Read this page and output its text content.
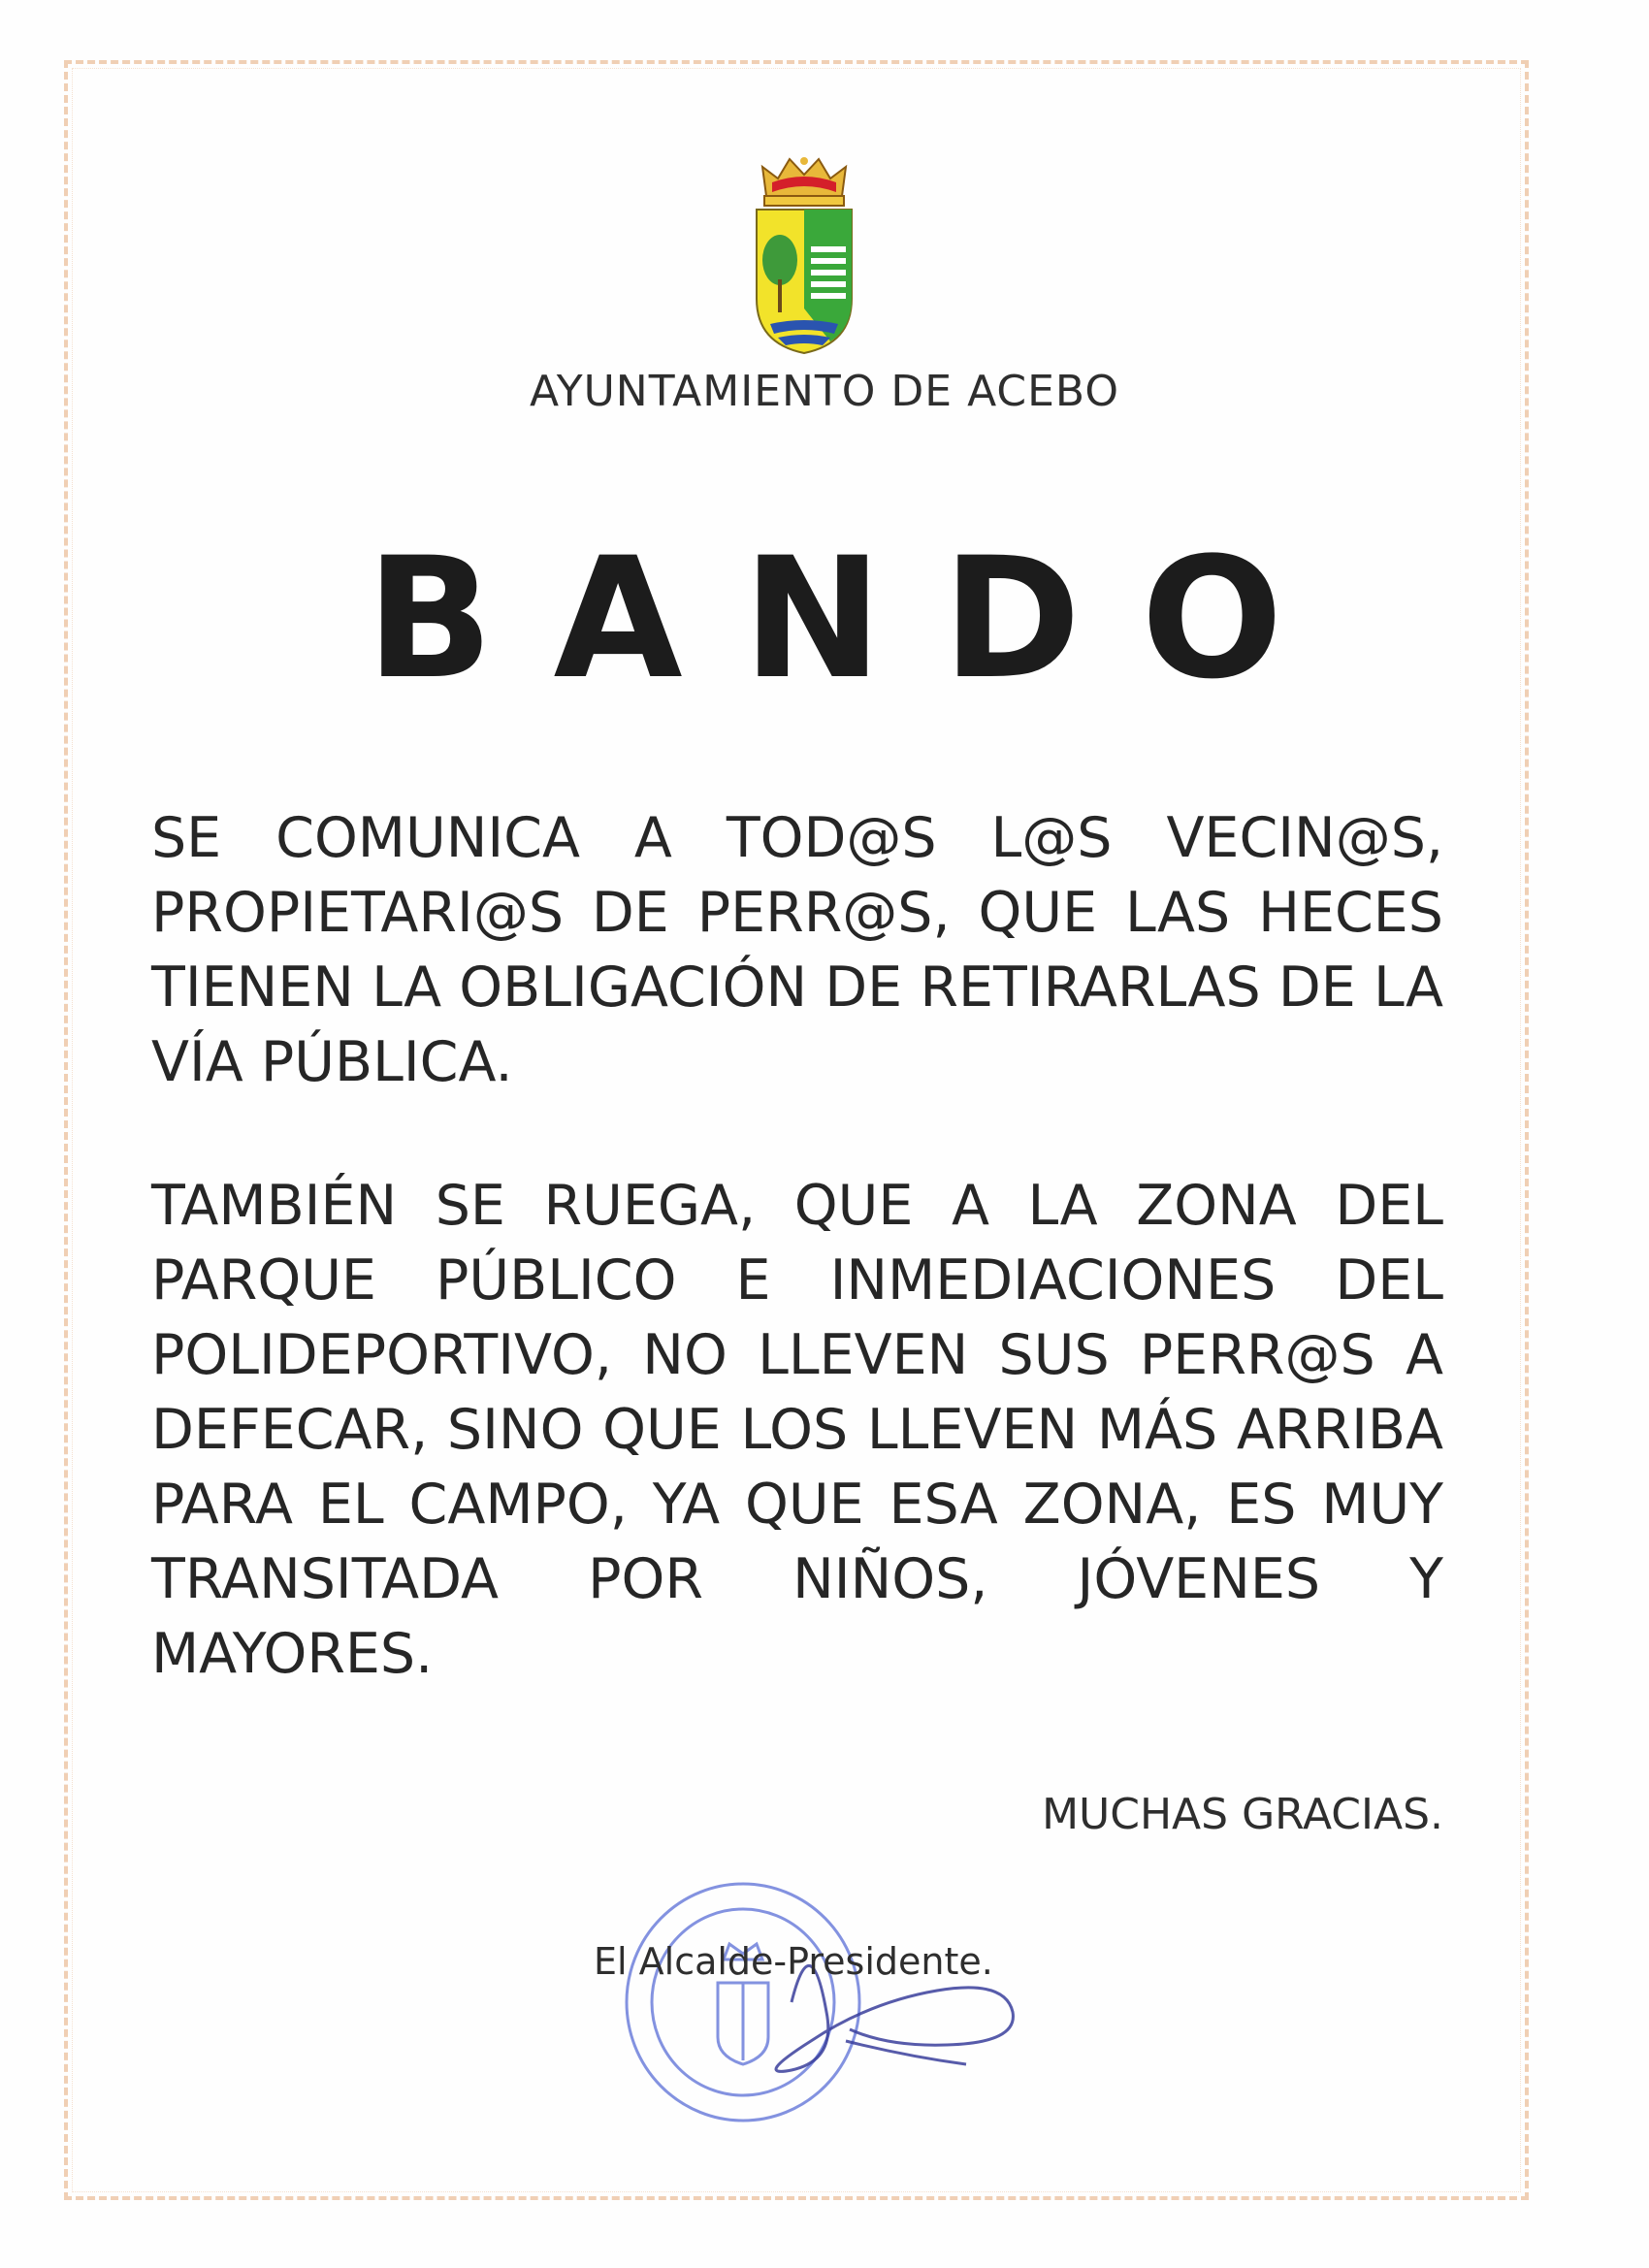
AYUNTAMIENTO DE ACEBO
BANDO
SE COMUNICA A TOD@S L@S VECIN@S, PROPIETARI@S DE PERR@S, QUE LAS HECES TIENEN LA OBLIGACIÓN DE RETIRARLAS DE LA VÍA PÚBLICA.
TAMBIÉN SE RUEGA, QUE A LA ZONA DEL PARQUE PÚBLICO E INMEDIACIONES DEL POLIDEPORTIVO, NO LLEVEN SUS PERR@S A DEFECAR, SINO QUE LOS LLEVEN MÁS ARRIBA PARA EL CAMPO, YA QUE ESA ZONA, ES MUY TRANSITADA POR NIÑOS, JÓVENES Y MAYORES.
MUCHAS GRACIAS.
El Alcalde-Presidente.
